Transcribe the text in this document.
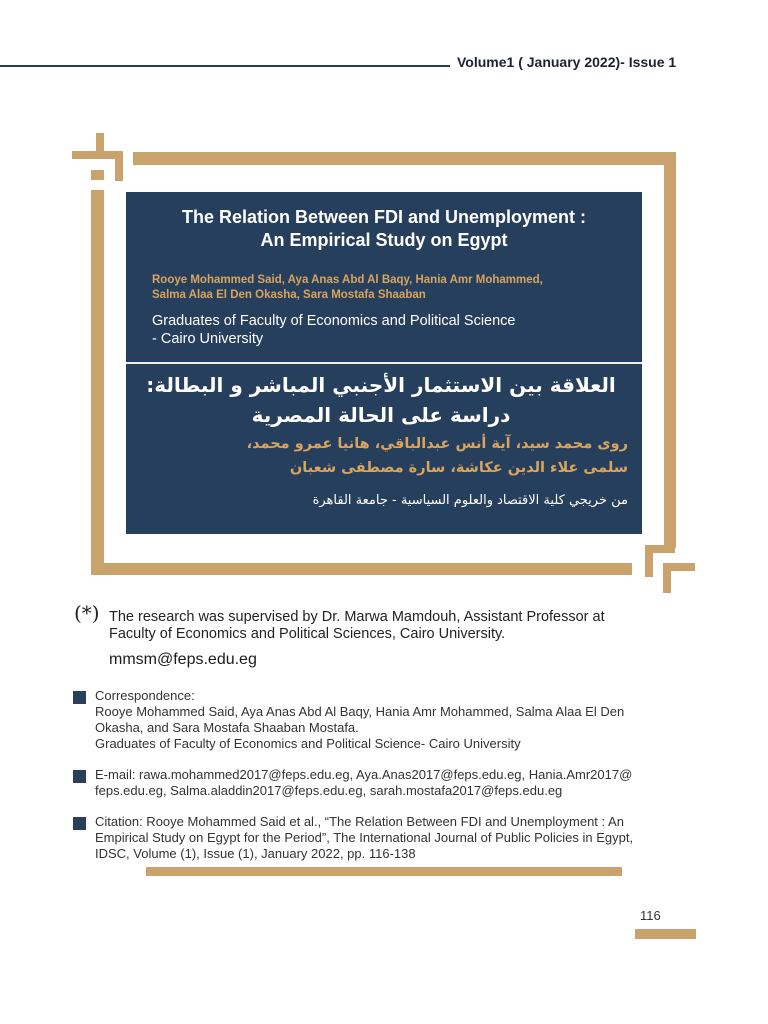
Volume1 ( January 2022)- Issue 1
The Relation Between FDI and Unemployment :
An Empirical Study on Egypt
Rooye Mohammed Said, Aya Anas Abd Al Baqy, Hania Amr Mohammed,
Salma Alaa El Den Okasha, Sara Mostafa Shaaban
Graduates of Faculty of Economics and Political Science
- Cairo University
العلاقة بين الاستثمار الأجنبي المباشر و البطالة:
دراسة على الحالة المصرية
روى محمد سيد، آية أنس عبدالباقي، هانيا عمرو محمد،
سلمى علاء الدين عكاشة، سارة مصطفى شعبان
من خريجي كلية الاقتصاد والعلوم السياسية - جامعة القاهرة
(*) The research was supervised by Dr. Marwa Mamdouh, Assistant Professor at
Faculty of Economics and Political Sciences, Cairo University.
mmsm@feps.edu.eg
Correspondence:
Rooye Mohammed Said, Aya Anas Abd Al Baqy, Hania Amr Mohammed, Salma Alaa El Den
Okasha, and Sara Mostafa Shaaban Mostafa.
Graduates of Faculty of Economics and Political Science- Cairo University
E-mail: rawa.mohammed2017@feps.edu.eg, Aya.Anas2017@feps.edu.eg, Hania.Amr2017@
feps.edu.eg, Salma.aladdin2017@feps.edu.eg, sarah.mostafa2017@feps.edu.eg
Citation: Rooye Mohammed Said et al., “The Relation Between FDI and Unemployment : An
Empirical Study on Egypt for the Period”, The International Journal of Public Policies in Egypt,
IDSC, Volume (1), Issue (1), January 2022, pp. 116-138
116
